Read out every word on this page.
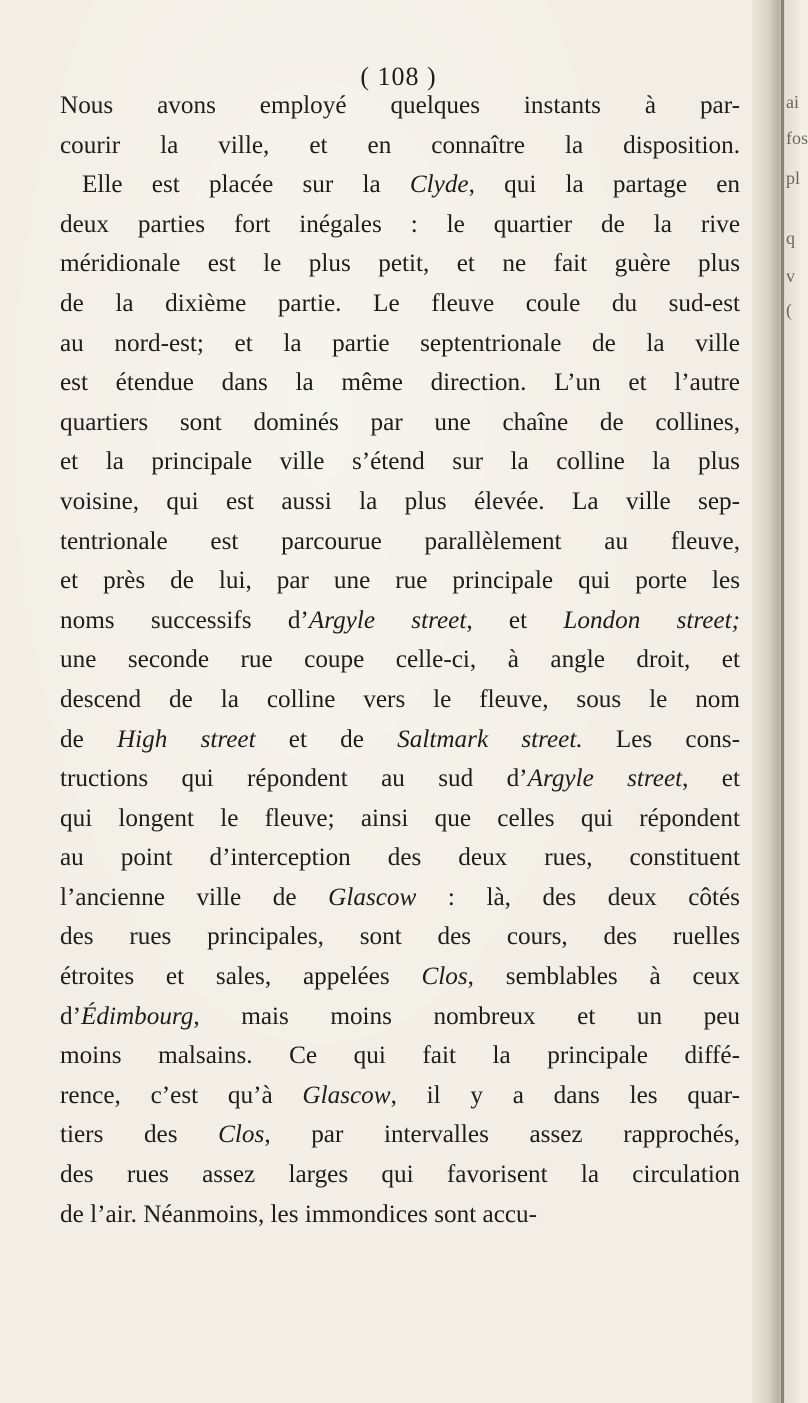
ai
fos
pl
q
v
(
( 108 )
Nous avons employé quelques instants à par-
courir la ville, et en connaître la disposition.
Elle est placée sur la Clyde, qui la partage en
deux parties fort inégales : le quartier de la rive
méridionale est le plus petit, et ne fait guère plus
de la dixième partie. Le fleuve coule du sud-est
au nord-est; et la partie septentrionale de la ville
est étendue dans la même direction. L’un et l’autre
quartiers sont dominés par une chaîne de collines,
et la principale ville s’étend sur la colline la plus
voisine, qui est aussi la plus élevée. La ville sep-
tentrionale est parcourue parallèlement au fleuve,
et près de lui, par une rue principale qui porte les
noms successifs d’Argyle street, et London street;
une seconde rue coupe celle-ci, à angle droit, et
descend de la colline vers le fleuve, sous le nom
de High street et de Saltmark street. Les cons-
tructions qui répondent au sud d’Argyle street, et
qui longent le fleuve; ainsi que celles qui répondent
au point d’interception des deux rues, constituent
l’ancienne ville de Glascow : là, des deux côtés
des rues principales, sont des cours, des ruelles
étroites et sales, appelées Clos, semblables à ceux
d’Édimbourg, mais moins nombreux et un peu
moins malsains. Ce qui fait la principale diffé-
rence, c’est qu’à Glascow, il y a dans les quar-
tiers des Clos, par intervalles assez rapprochés,
des rues assez larges qui favorisent la circulation
de l’air. Néanmoins, les immondices sont accu-
